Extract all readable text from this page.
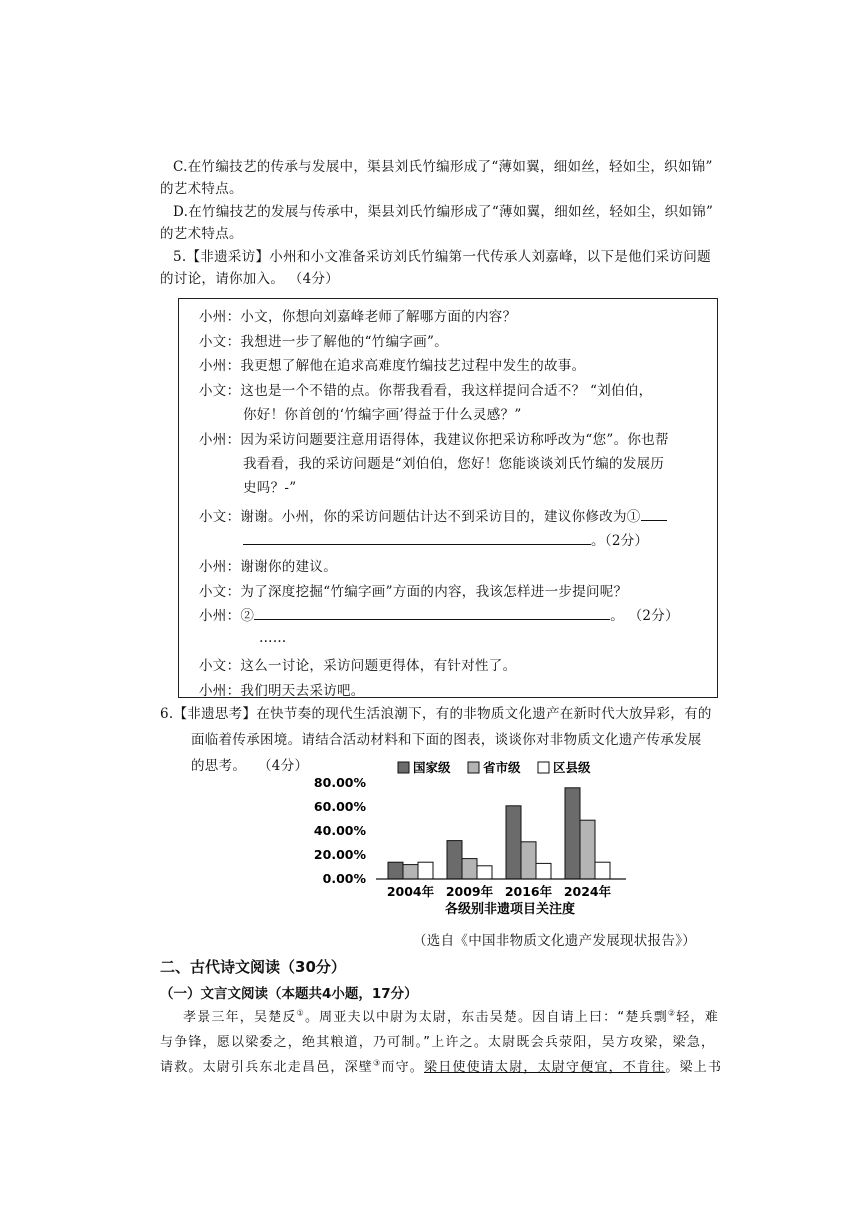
C.在竹编技艺的传承与发展中，渠县刘氏竹编形成了“薄如翼，细如丝，轻如尘，织如锦”
的艺术特点。
D.在竹编技艺的发展与传承中，渠县刘氏竹编形成了“薄如翼，细如丝，轻如尘，织如锦”
的艺术特点。
5.【非遗采访】小州和小文准备采访刘氏竹编第一代传承人刘嘉峰，以下是他们采访问题
的讨论，请你加入。 （4分）
小州：小文，你想向刘嘉峰老师了解哪方面的内容？
小文：我想进一步了解他的“竹编字画”。
小州：我更想了解他在追求高难度竹编技艺过程中发生的故事。
小文：这也是一个不错的点。你帮我看看，我这样提问合适不？ “刘伯伯，
你好！你首创的‘竹编字画’得益于什么灵感？”
小州：因为采访问题要注意用语得体，我建议你把采访称呼改为“您”。你也帮
我看看，我的采访问题是“刘伯伯，您好！您能谈谈刘氏竹编的发展历
史吗？-”
小文：谢谢。小州，你的采访问题估计达不到采访目的，建议你修改为①
。（2分）
小州：谢谢你的建议。
小文：为了深度挖掘“竹编字画”方面的内容，我该怎样进一步提问呢？
小州：②	。 （2分）
……
小文：这么一讨论，采访问题更得体，有针对性了。
小州：我们明天去采访吧。
6.【非遗思考】在快节奏的现代生活浪潮下，有的非物质文化遗产在新时代大放异彩，有的
面临着传承困境。请结合活动材料和下面的图表，谈谈你对非物质文化遗产传承发展
的思考。 （4分）	国家级	省市级	区县级
80.00%
60.00%
40.00%
20.00%
0.00%
2004年 2009年 2016年 2024年
各级别非遗项目关注度
（选自《中国非物质文化遗产发展现状报告》）
二、古代诗文阅读（30分）
（一）文言文阅读（本题共4小题，17分）
孝景三年，吴楚反①。周亚夫以中尉为太尉，东击吴楚。因自请上曰：“楚兵剽②轻，难
与争锋，愿以梁委之，绝其粮道，乃可制。”上许之。太尉既会兵荥阳，吴方攻梁，梁急，
请救。太尉引兵东北走昌邑，深壁③而守。梁日使使请太尉，太尉守便宜，不肯往。梁上书
